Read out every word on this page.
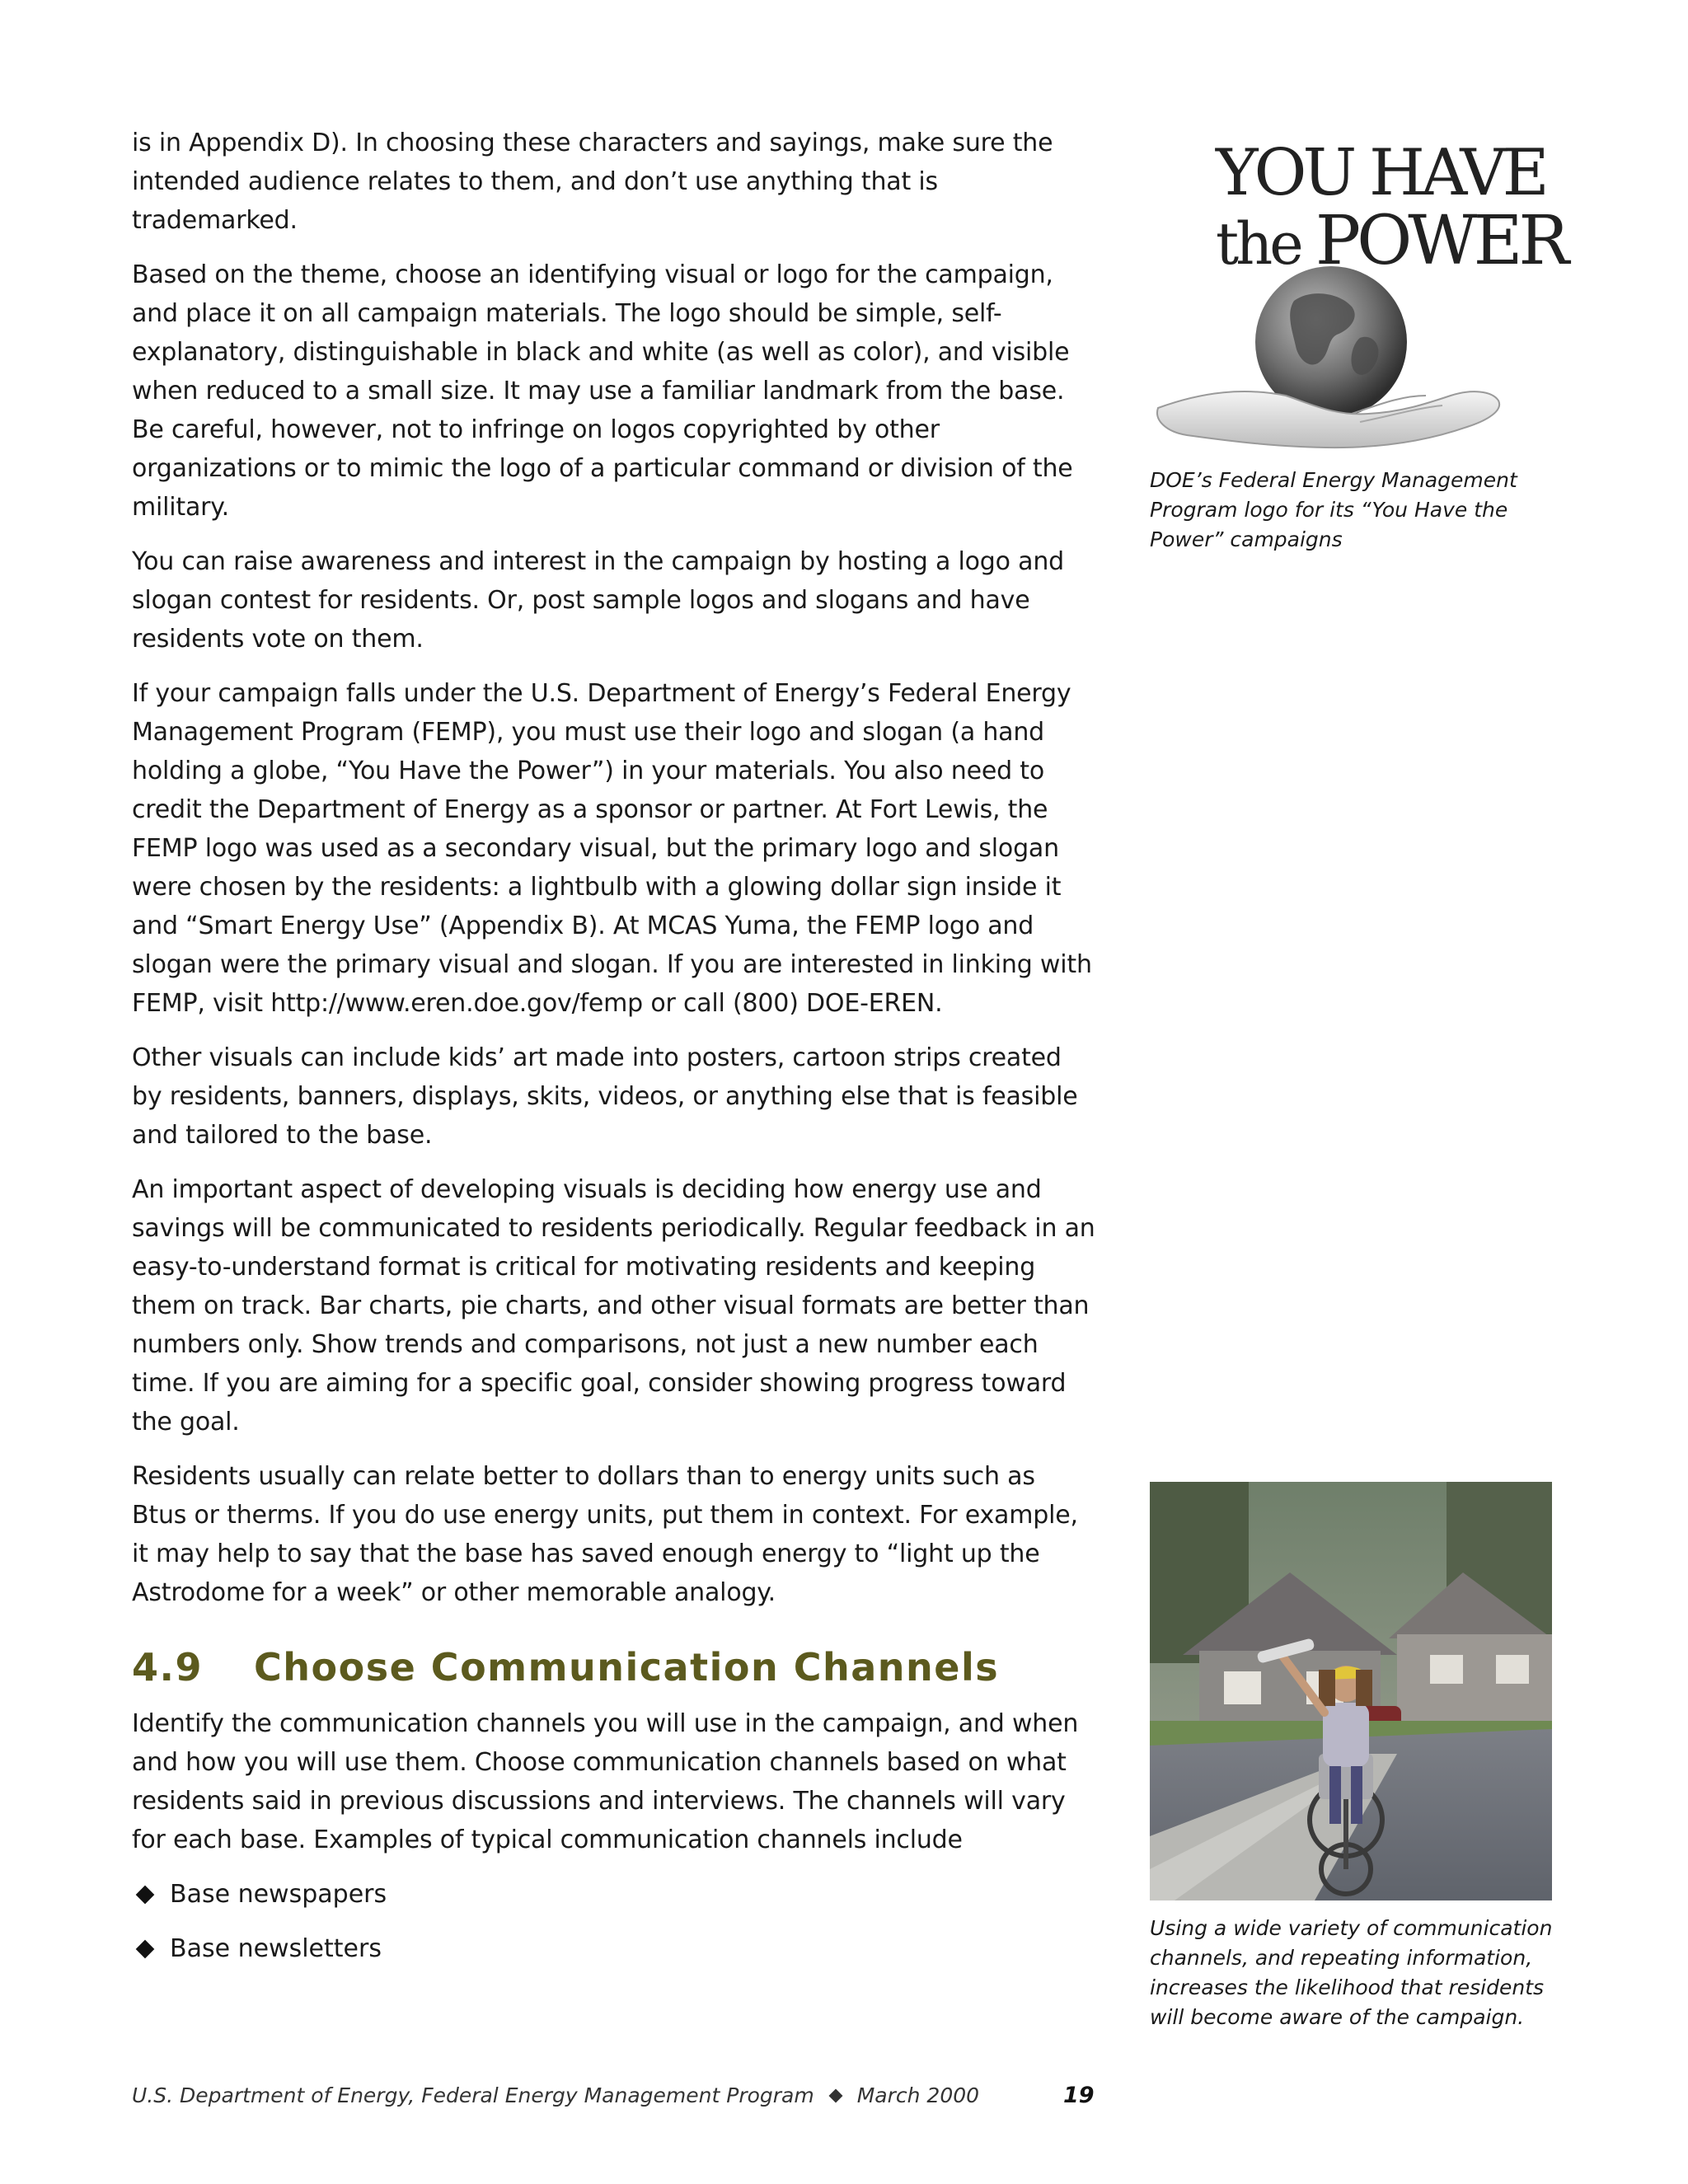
is in Appendix D). In choosing these characters and sayings, make sure the intended audience relates to them, and don’t use anything that is trademarked.

Based on the theme, choose an identifying visual or logo for the campaign, and place it on all campaign materials. The logo should be simple, self-explanatory, distinguishable in black and white (as well as color), and visible when reduced to a small size. It may use a familiar landmark from the base. Be careful, however, not to infringe on logos copyrighted by other organizations or to mimic the logo of a particular command or division of the military.

You can raise awareness and interest in the campaign by hosting a logo and slogan contest for residents. Or, post sample logos and slogans and have residents vote on them.

If your campaign falls under the U.S. Department of Energy’s Federal Energy Management Program (FEMP), you must use their logo and slogan (a hand holding a globe, “You Have the Power”) in your materials. You also need to credit the Department of Energy as a sponsor or partner. At Fort Lewis, the FEMP logo was used as a secondary visual, but the primary logo and slogan were chosen by the residents: a lightbulb with a glowing dollar sign inside it and “Smart Energy Use” (Appendix B). At MCAS Yuma, the FEMP logo and slogan were the primary visual and slogan. If you are interested in linking with FEMP, visit http://www.eren.doe.gov/femp or call (800) DOE-EREN.

Other visuals can include kids’ art made into posters, cartoon strips created by residents, banners, displays, skits, videos, or anything else that is feasible and tailored to the base.

An important aspect of developing visuals is deciding how energy use and savings will be communicated to residents periodically. Regular feedback in an easy-to-understand format is critical for motivating residents and keeping them on track. Bar charts, pie charts, and other visual formats are better than numbers only. Show trends and comparisons, not just a new number each time. If you are aiming for a specific goal, consider showing progress toward the goal.

Residents usually can relate better to dollars than to energy units such as Btus or therms. If you do use energy units, put them in context. For example, it may help to say that the base has saved enough energy to “light up the Astrodome for a week” or other memorable analogy.

4.9 Choose Communication Channels

Identify the communication channels you will use in the campaign, and when and how you will use them. Choose communication channels based on what residents said in previous discussions and interviews. The channels will vary for each base. Examples of typical communication channels include

Base newspapers
Base newsletters
YOU HAVE
the POWER

DOE’s Federal Energy Management Program logo for its “You Have the Power” campaigns

Using a wide variety of communication channels, and repeating information, increases the likelihood that residents will become aware of the campaign.

U.S. Department of Energy, Federal Energy Management Program March 2000	19
